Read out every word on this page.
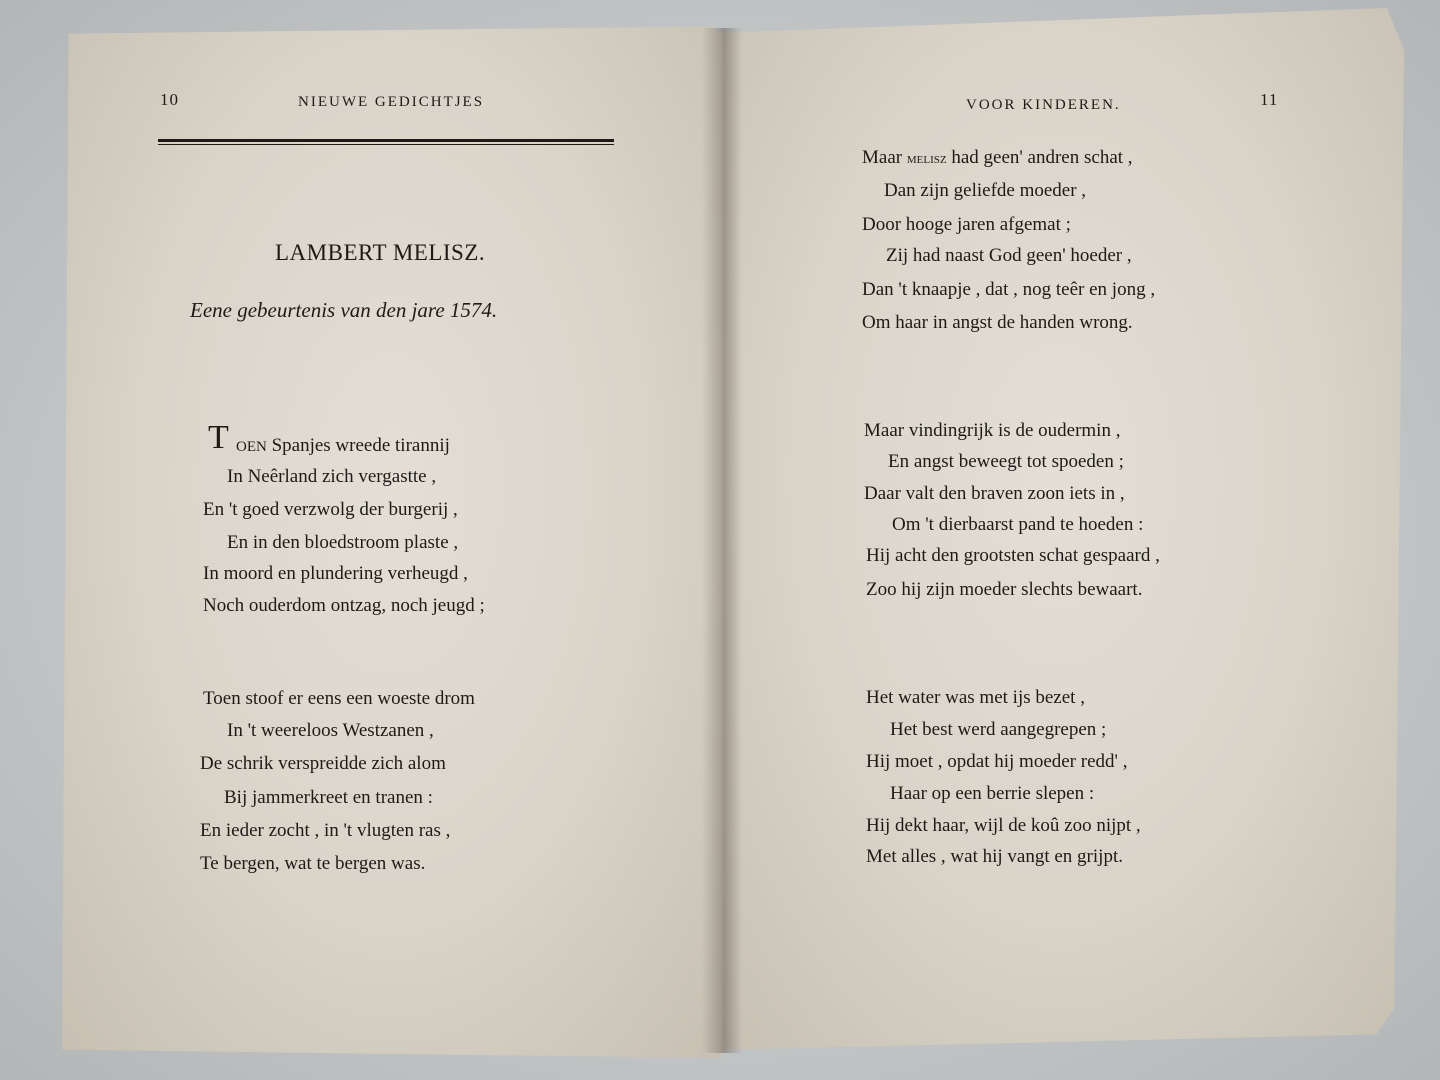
10	NIEUWE GEDICHTJES
LAMBERT MELISZ.
Eene gebeurtenis van den jare 1574.
T OEN Spanjes wreede tirannij
In Neêrland zich vergastte ,
En 't goed verzwolg der burgerij ,
En in den bloedstroom plaste ,
In moord en plundering verheugd ,
Noch ouderdom ontzag, noch jeugd ;
Toen stoof er eens een woeste drom
In 't weereloos Westzanen ,
De schrik verspreidde zich alom
Bij jammerkreet en tranen :
En ieder zocht , in 't vlugten ras ,
Te bergen, wat te bergen was.
VOOR KINDEREN.	11
Maar melisz had geen' andren schat ,
Dan zijn geliefde moeder ,
Door hooge jaren afgemat ;
Zij had naast God geen' hoeder ,
Dan 't knaapje , dat , nog teêr en jong ,
Om haar in angst de handen wrong.
Maar vindingrijk is de oudermin ,
En angst beweegt tot spoeden ;
Daar valt den braven zoon iets in ,
Om 't dierbaarst pand te hoeden :
Hij acht den grootsten schat gespaard ,
Zoo hij zijn moeder slechts bewaart.
Het water was met ijs bezet ,
Het best werd aangegrepen ;
Hij moet , opdat hij moeder redd' ,
Haar op een berrie slepen :
Hij dekt haar, wijl de koû zoo nijpt ,
Met alles , wat hij vangt en grijpt.
